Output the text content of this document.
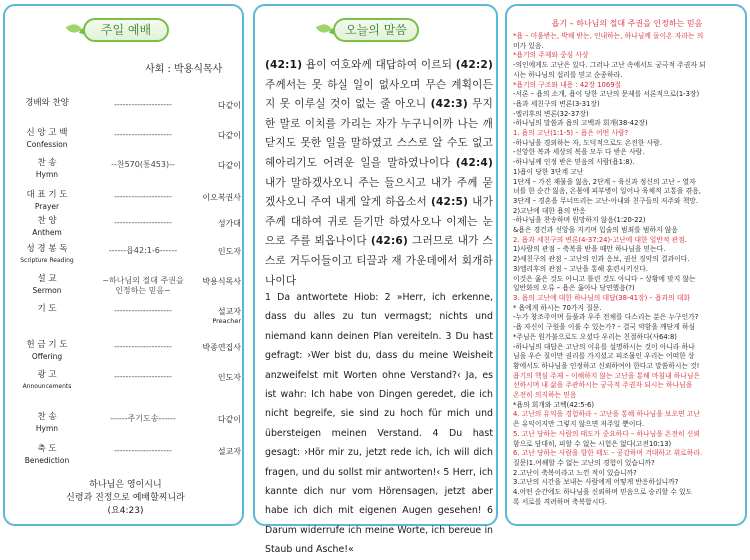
주일 예배
사회 : 박용식목사
경배와 찬양	--------------------	다같이
신 앙 고 백
Confession
--------------------	다같이
찬 송
Hymn
--찬570(통453)--	다같이
대 표 기 도
Prayer
--------------------	이오복권사
찬 양
Anthem
--------------------	성가대
성 경 봉 독
Scripture Reading
------욥42:1-6------	인도자
설 교
Sermon
~하나님의 절대 주권을
인정하는 믿음~
박용식목사
기 도	--------------------	설교자
Preacher
헌 금 기 도
Offering
--------------------	박종연집사
광 고
Announcements
--------------------	인도자
찬 송
Hymn
------주기도송------	다같이
축 도
Benediction
--------------------	설교자
하나님은 영이시니
신령과 진정으로 예배할찌니라
(요4:23)
오늘의 말씀
(42:1) 욥이 여호와께 대답하여 이르되 (42:2) 주께서는 못 하실 일이 없사오며 무슨 계획이든지 못 이루실 것이 없는 줄 아오니 (42:3) 무지한 말로 이치를 가리는 자가 누구니이까 나는 깨닫지도 못한 일을 말하였고 스스로 알 수도 없고 헤아리기도 어려운 일을 말하였나이다 (42:4) 내가 말하겠사오니 주는 들으시고 내가 주께 묻겠사오니 주여 내게 알게 하옵소서 (42:5) 내가 주께 대하여 귀로 듣기만 하였사오나 이제는 눈으로 주를 뵈옵나이다 (42:6) 그러므로 내가 스스로 거두어들이고 티끌과 재 가운데에서 회개하나이다
1 Da antwortete Hiob: 2 »Herr, ich erkenne, dass du alles zu tun vermagst; nichts und niemand kann deinen Plan vereiteln. 3 Du hast gefragt: ›Wer bist du, dass du meine Weisheit anzweifelst mit Worten ohne Verstand?‹ Ja, es ist wahr: Ich habe von Dingen geredet, die ich nicht begreife, sie sind zu hoch für mich und übersteigen meinen Verstand. 4 Du hast gesagt: ›Hör mir zu, jetzt rede ich, ich will dich fragen, und du sollst mir antworten!‹ 5 Herr, ich kannte dich nur vom Hörensagen, jetzt aber habe ich dich mit eigenen Augen gesehen! 6 Darum widerrufe ich meine Worte, ich bereue in Staub und Asche!«
욥기 – 하나님의 절대 주권을 인정하는 믿음
*욥 – 미움받는, 박해 받는, 인내하는, 하나님께 돌이온 자라는 의
미가 있음.
*욥기의 주제와 중심 사상
-의인에게도 고난은 있다. 그러나 고난 속에서도 궁극적 주권자 되
시는 하나님의 섭리를 믿고 순종하라.
*욥기의 구조와 내용 : 42장 1069절
-서론 – 욥의 소개, 욥이 당한 고난의 문제를 서론적으로(1-3장)
-욥과 세친구의 변론(3-31장)
-엘리후의 변론(32-37장)
-하나님의 말씀과 욥의 고백과 회개(38-42장)
1. 욥의 고난(1:1-5) – 욥은 어떤 사람?
-하나님을 경외하는 자, 도덕적으로도 온전한 사람.
-신앙한 복과 세상의 복을 모두 다 받은 사람.
-하나님께 인정 받은 믿음의 사람(욥1:8).
1)욥이 당한 3단계 고난
1단계 – 가진 재물을 잃음, 2단계 – 육신과 정신의 고난 – 열자
녀를 한 순간 잃음, 온몸에 피부병이 일어나 육체적 고통을 겪음,
3단계 – 경혼을 무너뜨리는 고난-아내와 친구들의 저주와 책망.
2)고난에 대한 욥의 반응
-하나님을 찬송하며 원망하지 않음(1:20-22)
&욥은 경건과 신앙을 지키며 입술의 범죄를 범하지 않음
2. 욥과 세친구의 변론(4-37:24)-고난에 대한 일반적 관점.
1)사람의 관점 – 축복을 받을 때만 하나님을 믿는다.
2)세친구의 관점 – 고난의 인과 응보, 권선 징악의 결과이다.
3)엘리후의 관점 – 고난을 통해 훈련시키신다.
이것은 옳은 것도 아니고 틀린 것도 아니다 – 상황에 맞지 않는
일반화의 오류 – 욥은 옳아나 당연했음(?)
3. 욥의 고난에 대한 하나님의 대답(38-41장) – 욥과의 대화
* 욥에게 하시는 70가지 질문.
-누가 창조주이며 들풀과 우주 전체를 다스리는 분은 누구인가?
-욥 자신이 구원을 이룰 수 있는가? – 결국 약함을 깨닫게 하심
*주님은 원가불으로도 오셨다 우리는 친절하다(사64:8)
-하나님의 대답은 고난의 이유를 설명하시는 것이 아니라 하나
님을 우슨 질이만 권리를 가지셨고 피조물인 우리는 어떠한 상
황에서도 하나님을 인정하고 신뢰하여야 한다고 말씀하시는 것!
욥기의 핵심 주제 – 이해하지 않는 고난을 통해 마침내 하나님은
선하시며 내 삶을 주관하시는 궁극적 주권자 되시는 하나님을
온전히 의지하는 믿음
*욥의 회개와 고백(42:5-6)
4. 고난의 유익을 경험하라 – 고난을 통해 하나님을 보오면 고난
은 유익이지만 그렇지 않으면 저주일 뿐이다.
5. 고난 당하는 사람의 태도가 중요하다 – 하나님을 온전히 신뢰
함으로 담대히, 피할 수 없는 시험은 없다(고전10:13)
6. 고난 당하는 사람을 향한 태도 – 공감하며 겨대하고 위로하라.
질문)1.여해할 수 없는 고난의 경험이 있습니까?
2.고난이 축복이라고 느낀 적이 있습니까?
3.고난의 시간을 보내는 사람에게 어떻게 반응하십니까?
4.어떤 순간에도 하나님을 신뢰하며 믿음으로 승리할 수 있도
록 서로를 격려하며 축복합시다.
